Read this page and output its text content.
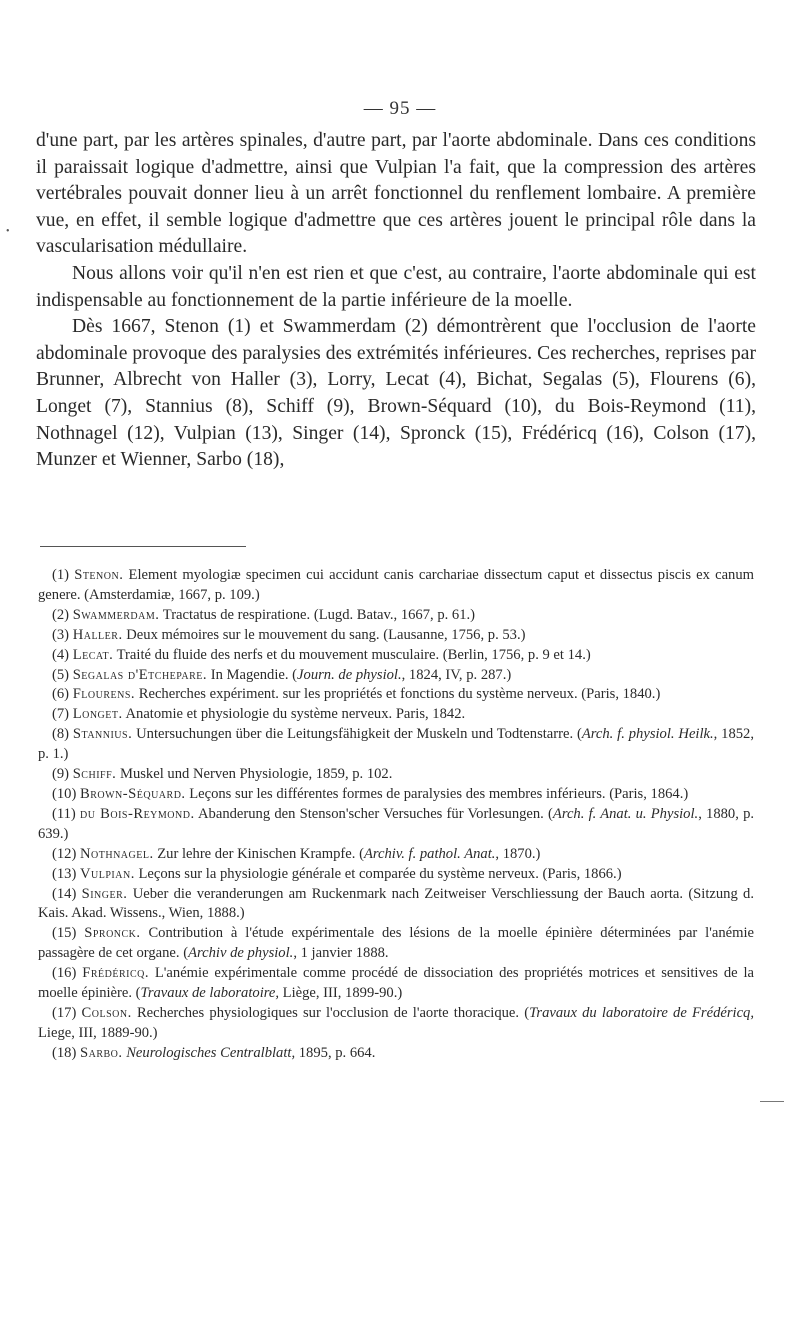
— 95 —
•

d'une part, par les artères spinales, d'autre part, par l'aorte abdominale. Dans ces conditions il paraissait logique d'admettre, ainsi que Vulpian l'a fait, que la compression des artères vertébrales pouvait donner lieu à un arrêt fonctionnel du renflement lombaire. A première vue, en effet, il semble logique d'admettre que ces artères jouent le principal rôle dans la vascularisation médullaire.

Nous allons voir qu'il n'en est rien et que c'est, au contraire, l'aorte abdominale qui est indispensable au fonctionnement de la partie inférieure de la moelle.

Dès 1667, Stenon (1) et Swammerdam (2) démontrèrent que l'occlusion de l'aorte abdominale provoque des paralysies des extrémités inférieures. Ces recherches, reprises par Brunner, Albrecht von Haller (3), Lorry, Lecat (4), Bichat, Segalas (5), Flourens (6), Longet (7), Stannius (8), Schiff (9), Brown-Séquard (10), du Bois-Reymond (11), Nothnagel (12), Vulpian (13), Singer (14), Spronck (15), Frédéricq (16), Colson (17), Munzer et Wienner, Sarbo (18),

(1) Stenon. Element myologiæ specimen cui accidunt canis carchariae dissectum caput et dissectus piscis ex canum genere. (Amsterdamiæ, 1667, p. 109.)

(2) Swammerdam. Tractatus de respiratione. (Lugd. Batav., 1667, p. 61.)

(3) Haller. Deux mémoires sur le mouvement du sang. (Lausanne, 1756, p. 53.)

(4) Lecat. Traité du fluide des nerfs et du mouvement musculaire. (Berlin, 1756, p. 9 et 14.)

(5) Segalas d'Etchepare. In Magendie. (Journ. de physiol., 1824, IV, p. 287.)

(6) Flourens. Recherches expériment. sur les propriétés et fonctions du système nerveux. (Paris, 1840.)

(7) Longet. Anatomie et physiologie du système nerveux. Paris, 1842.

(8) Stannius. Untersuchungen über die Leitungsfähigkeit der Muskeln und Todtenstarre. (Arch. f. physiol. Heilk., 1852, p. 1.)

(9) Schiff. Muskel und Nerven Physiologie, 1859, p. 102.

(10) Brown-Séquard. Leçons sur les différentes formes de paralysies des membres inférieurs. (Paris, 1864.)

(11) du Bois-Reymond. Abanderung den Stenson'scher Versuches für Vorlesungen. (Arch. f. Anat. u. Physiol., 1880, p. 639.)

(12) Nothnagel. Zur lehre der Kinischen Krampfe. (Archiv. f. pathol. Anat., 1870.)

(13) Vulpian. Leçons sur la physiologie générale et comparée du système nerveux. (Paris, 1866.)

(14) Singer. Ueber die veranderungen am Ruckenmark nach Zeitweiser Verschliessung der Bauch aorta. (Sitzung d. Kais. Akad. Wissens., Wien, 1888.)

(15) Spronck. Contribution à l'étude expérimentale des lésions de la moelle épinière déterminées par l'anémie passagère de cet organe. (Archiv de physiol., 1 janvier 1888.

(16) Frédéricq. L'anémie expérimentale comme procédé de dissociation des propriétés motrices et sensitives de la moelle épinière. (Travaux de laboratoire, Liège, III, 1899-90.)

(17) Colson. Recherches physiologiques sur l'occlusion de l'aorte thoracique. (Travaux du laboratoire de Frédéricq, Liege, III, 1889-90.)

(18) Sarbo. Neurologisches Centralblatt, 1895, p. 664.
